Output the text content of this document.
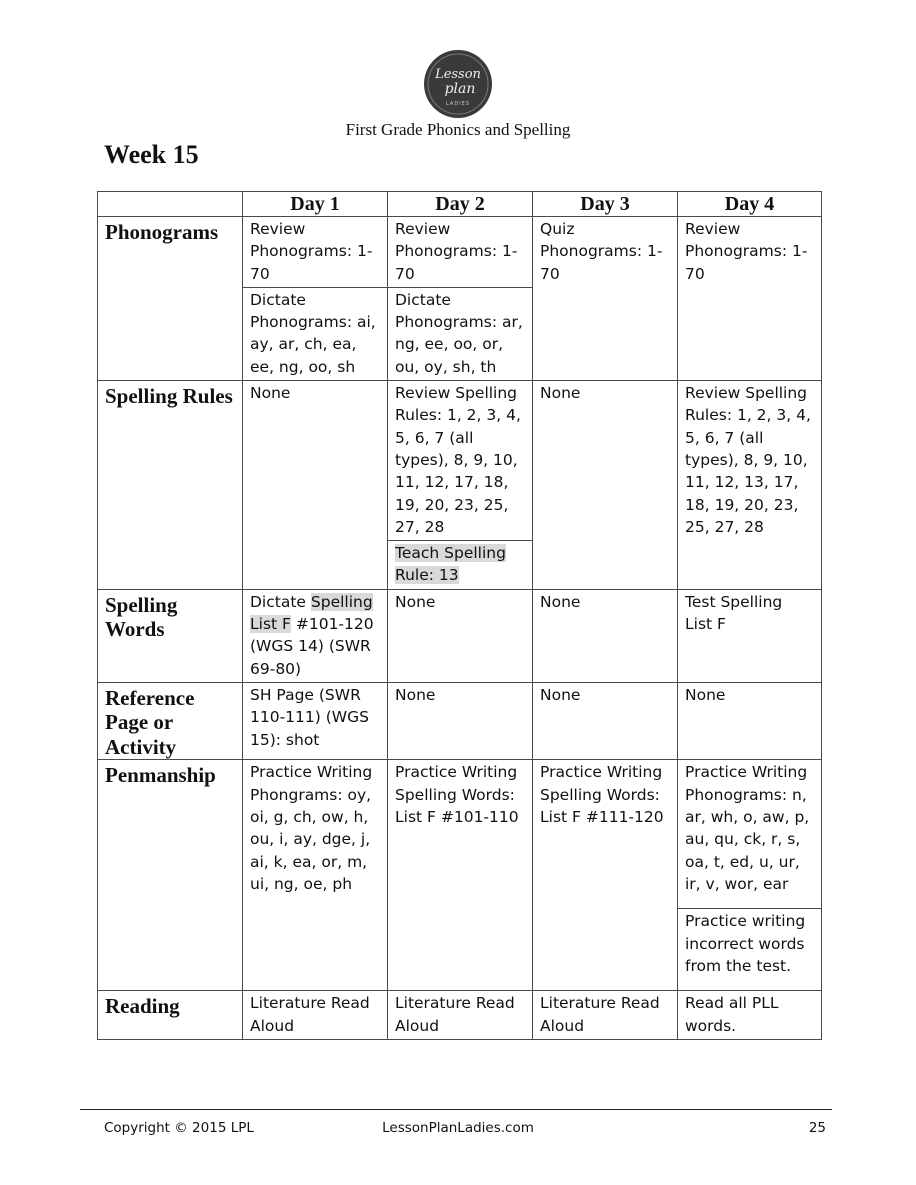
Lesson
plan
LADIES
First Grade Phonics and Spelling
Week 15
	Day 1	Day 2	Day 3	Day 4
Phonograms	Review Phonograms: 1-70	Review Phonograms: 1-70	Quiz Phonograms: 1-70	Review Phonograms: 1-70
	Dictate Phonograms: ai, ay, ar, ch, ea, ee, ng, oo, sh	Dictate Phonograms: ar, ng, ee, oo, or, ou, oy, sh, th		
Spelling Rules	None	Review Spelling Rules: 1, 2, 3, 4, 5, 6, 7 (all types), 8, 9, 10, 11, 12, 17, 18, 19, 20, 23, 25, 27, 28	None	Review Spelling Rules: 1, 2, 3, 4, 5, 6, 7 (all types), 8, 9, 10, 11, 12, 13, 17, 18, 19, 20, 23, 25, 27, 28
		Teach Spelling Rule: 13		
Spelling Words	Dictate Spelling List F #101-120 (WGS 14) (SWR 69-80)	None	None	Test Spelling List F
Reference Page or Activity	SH Page (SWR 110-111) (WGS 15): shot	None	None	None
Penmanship	Practice Writing Phongrams: oy, oi, g, ch, ow, h, ou, i, ay, dge, j, ai, k, ea, or, m, ui, ng, oe, ph	Practice Writing Spelling Words: List F #101-110	Practice Writing Spelling Words: List F #111-120	Practice Writing Phonograms: n, ar, wh, o, aw, p, au, qu, ck, r, s, oa, t, ed, u, ur, ir, v, wor, ear
				Practice writing incorrect words from the test.
Reading	Literature Read Aloud	Literature Read Aloud	Literature Read Aloud	Read all PLL words.
Copyright © 2015 LPL	LessonPlanLadies.com	25
